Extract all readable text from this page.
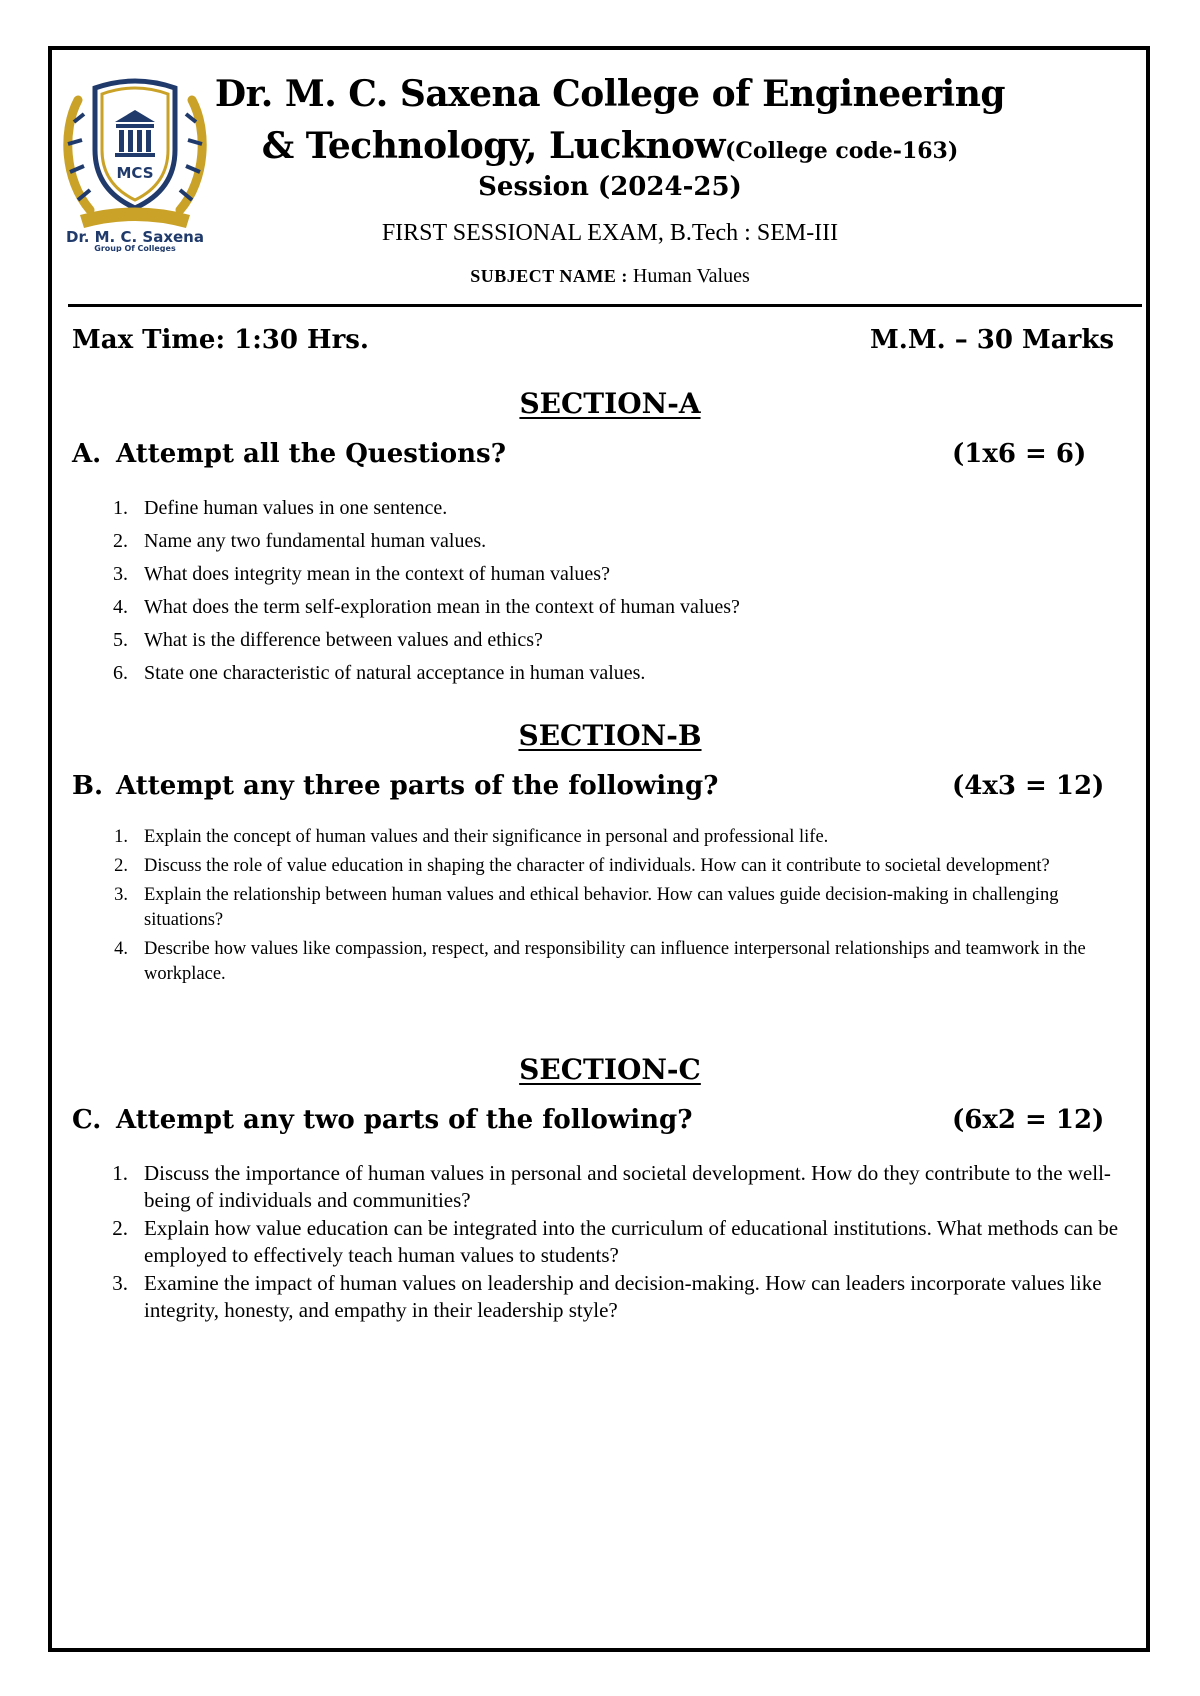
MCS
Dr. M. C. Saxena
Group Of Colleges
Dr. M. C. Saxena College of Engineering
& Technology, Lucknow(College code-163)
Session (2024-25)
FIRST SESSIONAL EXAM, B.Tech : SEM-III
SUBJECT NAME : Human Values
Max Time: 1:30 Hrs.	M.M. – 30 Marks
SECTION-A
A. Attempt all the Questions?	(1x6 = 6)
1. Define human values in one sentence.
2. Name any two fundamental human values.
3. What does integrity mean in the context of human values?
4. What does the term self-exploration mean in the context of human values?
5. What is the difference between values and ethics?
6. State one characteristic of natural acceptance in human values.
SECTION-B
B. Attempt any three parts of the following?	(4x3 = 12)
1. Explain the concept of human values and their significance in personal and professional life.
2. Discuss the role of value education in shaping the character of individuals. How can it contribute to societal development?
3. Explain the relationship between human values and ethical behavior. How can values guide decision-making in challenging situations?
4. Describe how values like compassion, respect, and responsibility can influence interpersonal relationships and teamwork in the workplace.
SECTION-C
C. Attempt any two parts of the following?	(6x2 = 12)
1. Discuss the importance of human values in personal and societal development. How do they contribute to the well-being of individuals and communities?
2. Explain how value education can be integrated into the curriculum of educational institutions. What methods can be employed to effectively teach human values to students?
3. Examine the impact of human values on leadership and decision-making. How can leaders incorporate values like integrity, honesty, and empathy in their leadership style?
